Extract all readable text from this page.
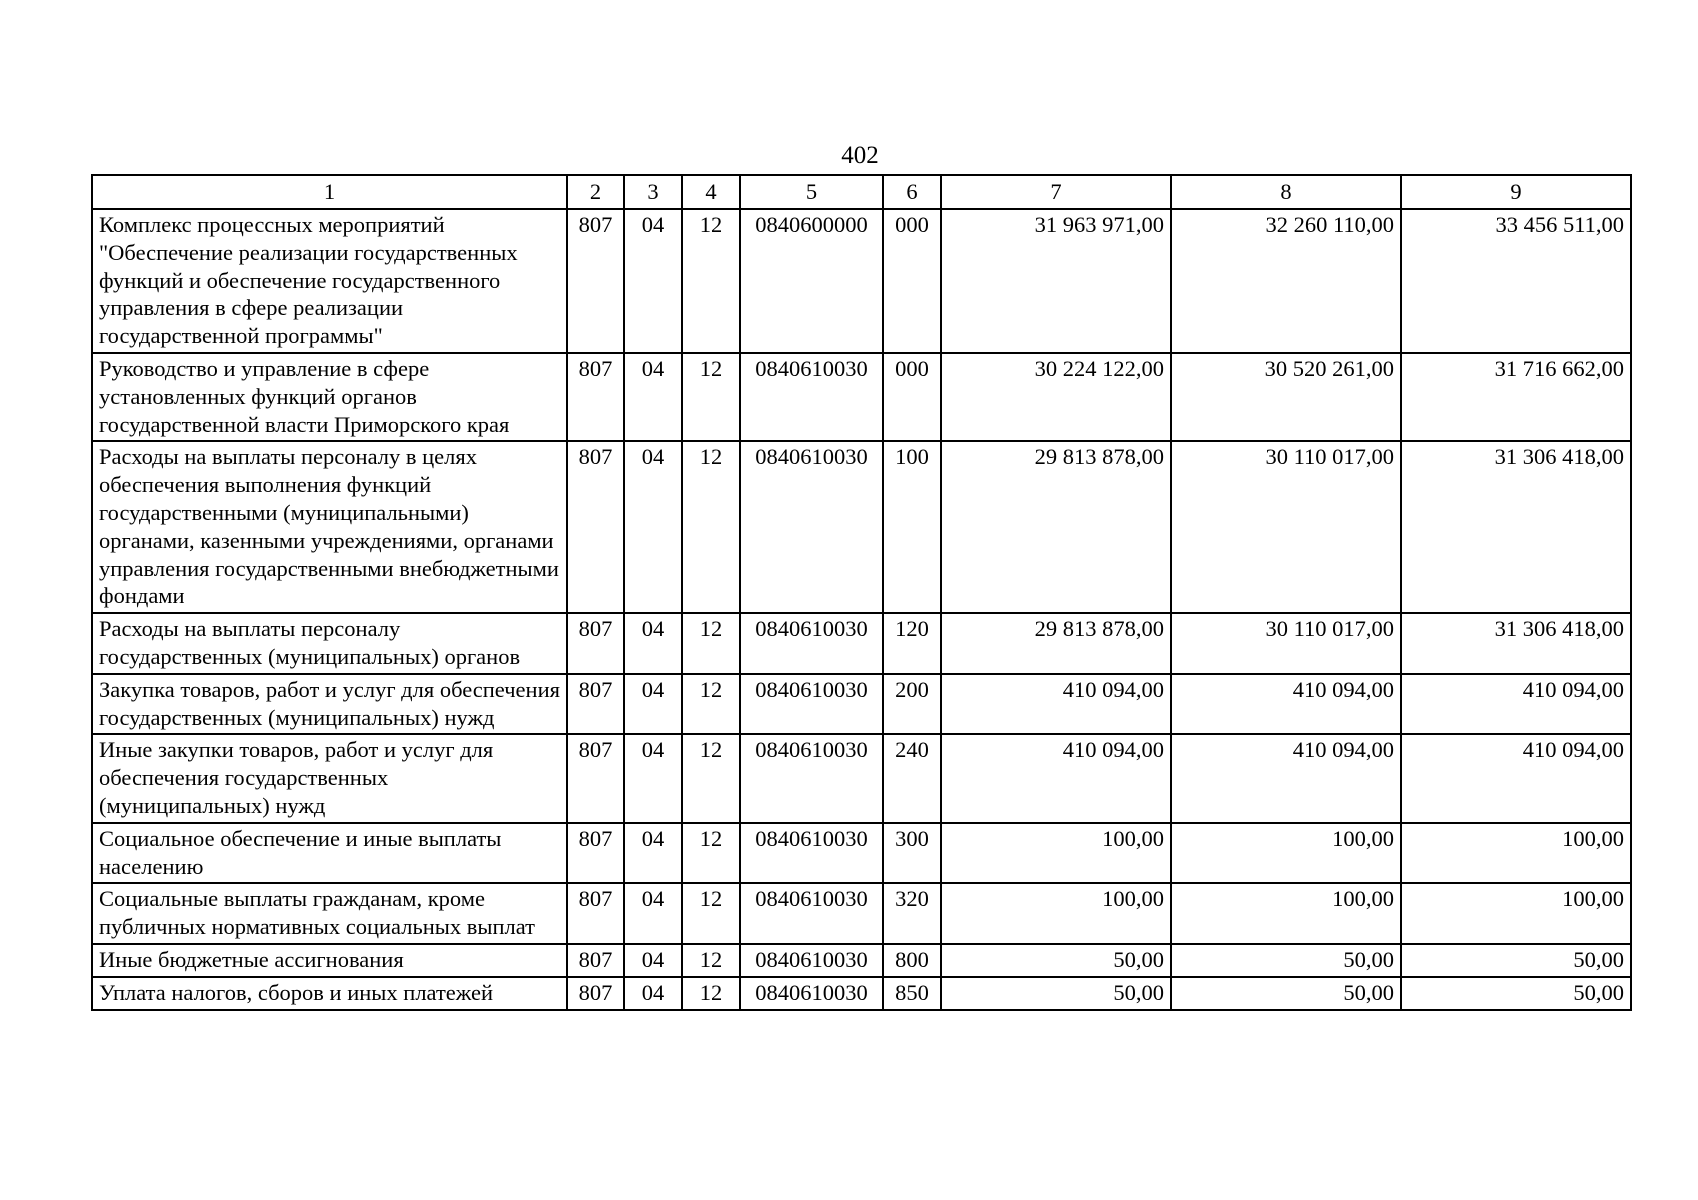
402
1	2	3	4	5	6	7	8	9
Комплекс процессных мероприятий "Обеспечение реализации государственных функций и обеспечение государственного управления в сфере реализации государственной программы"	807	04	12	0840600000	000	31 963 971,00	32 260 110,00	33 456 511,00
Руководство и управление в сфере установленных функций органов государственной власти Приморского края	807	04	12	0840610030	000	30 224 122,00	30 520 261,00	31 716 662,00
Расходы на выплаты персоналу в целях обеспечения выполнения функций государственными (муниципальными) органами, казенными учреждениями, органами управления государственными внебюджетными фондами	807	04	12	0840610030	100	29 813 878,00	30 110 017,00	31 306 418,00
Расходы на выплаты персоналу государственных (муниципальных) органов	807	04	12	0840610030	120	29 813 878,00	30 110 017,00	31 306 418,00
Закупка товаров, работ и услуг для обеспечения государственных (муниципальных) нужд	807	04	12	0840610030	200	410 094,00	410 094,00	410 094,00
Иные закупки товаров, работ и услуг для обеспечения государственных (муниципальных) нужд	807	04	12	0840610030	240	410 094,00	410 094,00	410 094,00
Социальное обеспечение и иные выплаты населению	807	04	12	0840610030	300	100,00	100,00	100,00
Социальные выплаты гражданам, кроме публичных нормативных социальных выплат	807	04	12	0840610030	320	100,00	100,00	100,00
Иные бюджетные ассигнования	807	04	12	0840610030	800	50,00	50,00	50,00
Уплата налогов, сборов и иных платежей	807	04	12	0840610030	850	50,00	50,00	50,00
